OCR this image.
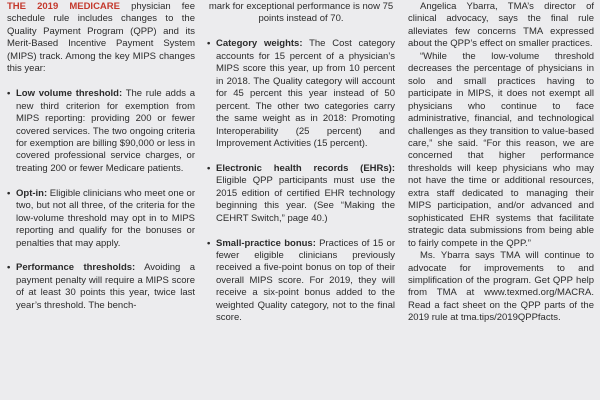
THE 2019 MEDICARE physician fee schedule rule includes changes to the Quality Payment Program (QPP) and its Merit-Based Incentive Payment System (MIPS) track. Among the key MIPS changes this year:

• Low volume threshold: The rule adds a new third criterion for exemption from MIPS reporting: providing 200 or fewer covered services. The two ongoing criteria for exemption are billing $90,000 or less in covered professional service charges, or treating 200 or fewer Medicare patients.
• Opt-in: Eligible clinicians who meet one or two, but not all three, of the criteria for the low-volume threshold may opt in to MIPS reporting and qualify for the bonuses or penalties that may apply.
• Performance thresholds: Avoiding a payment penalty will require a MIPS score of at least 30 points this year, twice last year’s threshold. The bench-

mark for exceptional performance is now 75 points instead of 70.

• Category weights: The Cost category accounts for 15 percent of a physician’s MIPS score this year, up from 10 percent in 2018. The Quality category will account for 45 percent this year instead of 50 percent. The other two categories carry the same weight as in 2018: Promoting Interoperability (25 percent) and Improvement Activities (15 percent).
• Electronic health records (EHRs): Eligible QPP participants must use the 2015 edition of certified EHR technology beginning this year. (See “Making the CEHRT Switch,” page 40.)
• Small-practice bonus: Practices of 15 or fewer eligible clinicians previously received a five-point bonus on top of their overall MIPS score. For 2019, they will receive a six-point bonus added to the weighted Quality category, not to the final score.

Angelica Ybarra, TMA’s director of clinical advocacy, says the final rule alleviates few concerns TMA expressed about the QPP’s effect on smaller practices.

“While the low-volume threshold decreases the percentage of physicians in solo and small practices having to participate in MIPS, it does not exempt all physicians who continue to face administrative, financial, and technological challenges as they transition to value-based care,” she said. “For this reason, we are concerned that higher performance thresholds will keep physicians who may not have the time or additional resources, extra staff dedicated to managing their MIPS participation, and/or advanced and sophisticated EHR systems that facilitate strategic data submissions from being able to fairly compete in the QPP.”

Ms. Ybarra says TMA will continue to advocate for improvements to and simplification of the program. Get QPP help from TMA at www.texmed.org/MACRA. Read a fact sheet on the QPP parts of the 2019 rule at tma.tips/2019QPPfacts.
